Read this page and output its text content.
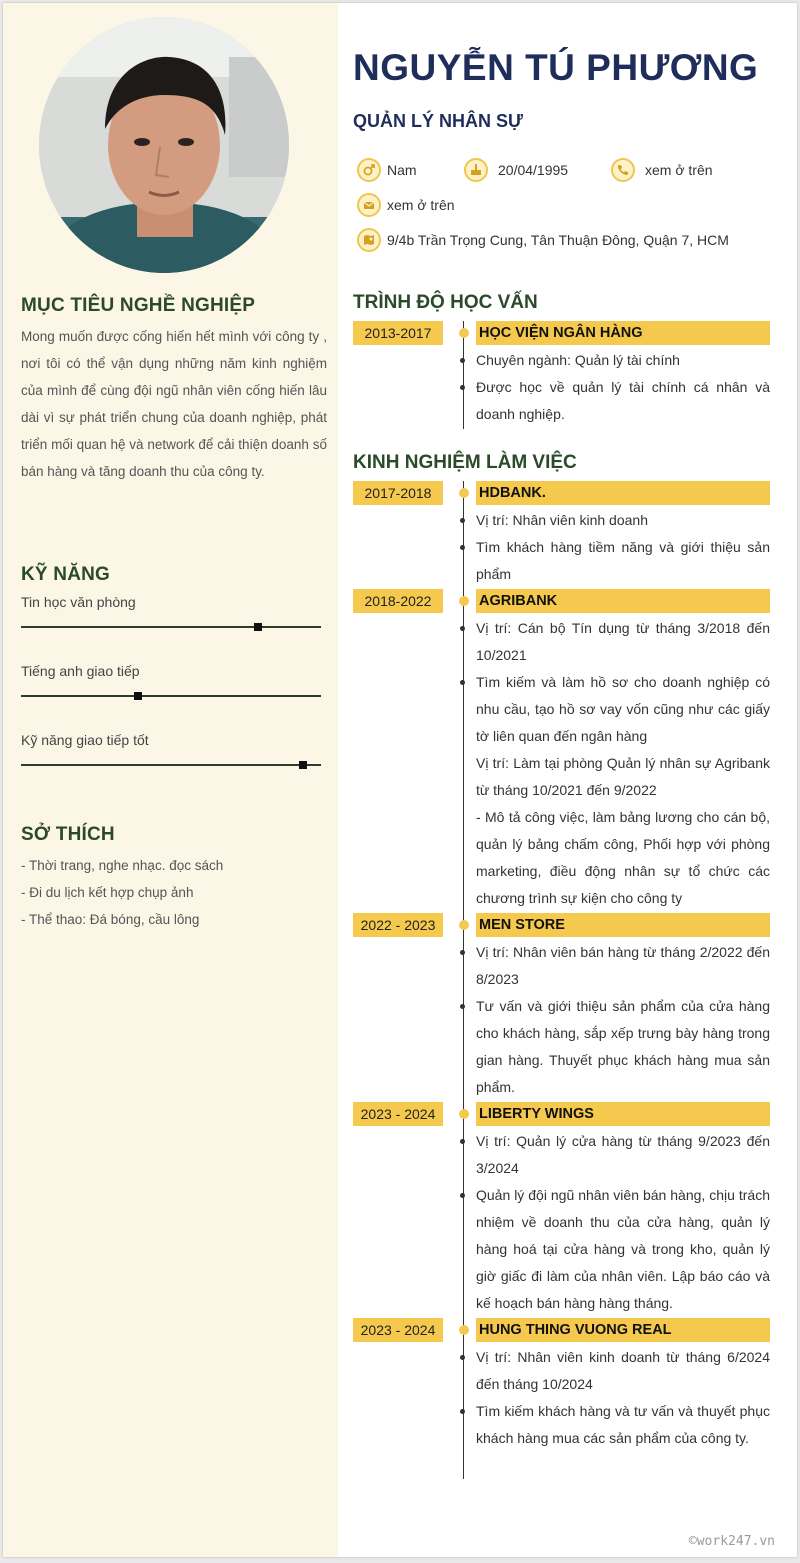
MỤC TIÊU NGHỀ NGHIỆP
Mong muốn được cống hiến hết mình với công ty , nơi tôi có thể vận dụng những năm kinh nghiệm của mình để cùng đội ngũ nhân viên cống hiến lâu dài vì sự phát triển chung của doanh nghiệp, phát triển mối quan hệ và network để cải thiện doanh số bán hàng và tăng doanh thu của công ty.
KỸ NĂNG
Tin học văn phòng
Tiếng anh giao tiếp
Kỹ năng giao tiếp tốt
SỞ THÍCH
- Thời trang, nghe nhạc. đọc sách
- Đi du lịch kết hợp chụp ảnh
- Thể thao: Đá bóng, cầu lông
NGUYỄN TÚ PHƯƠNG
QUẢN LÝ NHÂN SỰ
Nam	20/04/1995	xem ở trên
xem ở trên
9/4b Trần Trọng Cung, Tân Thuận Đông, Quận 7, HCM
TRÌNH ĐỘ HỌC VẤN
2013-2017	HỌC VIỆN NGÂN HÀNG
Chuyên ngành: Quản lý tài chính
Được học về quản lý tài chính cá nhân và doanh nghiệp.
KINH NGHIỆM LÀM VIỆC
2017-2018	HDBANK.
Vị trí: Nhân viên kinh doanh
Tìm khách hàng tiềm năng và giới thiệu sản phẩm
2018-2022	AGRIBANK
Vị trí: Cán bộ Tín dụng từ tháng 3/2018 đến 10/2021
Tìm kiếm và làm hồ sơ cho doanh nghiệp có nhu cầu, tạo hồ sơ vay vốn cũng như các giấy tờ liên quan đến ngân hàng
Vị trí: Làm tại phòng Quản lý nhân sự Agribank từ tháng 10/2021 đến 9/2022
- Mô tả công việc, làm bảng lương cho cán bộ, quản lý bảng chấm công, Phối hợp với phòng marketing, điều động nhân sự tổ chức các chương trình sự kiện cho công ty
2022 - 2023	MEN STORE
Vị trí: Nhân viên bán hàng từ tháng 2/2022 đến 8/2023
Tư vấn và giới thiệu sản phẩm của cửa hàng cho khách hàng, sắp xếp trưng bày hàng trong gian hàng. Thuyết phục khách hàng mua sản phẩm.
2023 - 2024	LIBERTY WINGS
Vị trí: Quản lý cửa hàng từ tháng 9/2023 đến 3/2024
Quản lý đội ngũ nhân viên bán hàng, chịu trách nhiệm về doanh thu của cửa hàng, quản lý hàng hoá tại cửa hàng và trong kho, quản lý giờ giấc đi làm của nhân viên. Lập báo cáo và kế hoạch bán hàng hàng tháng.
2023 - 2024	HUNG THING VUONG REAL
Vị trí: Nhân viên kinh doanh từ tháng 6/2024 đến tháng 10/2024
Tìm kiếm khách hàng và tư vấn và thuyết phục khách hàng mua các sản phẩm của công ty.
©work247.vn
